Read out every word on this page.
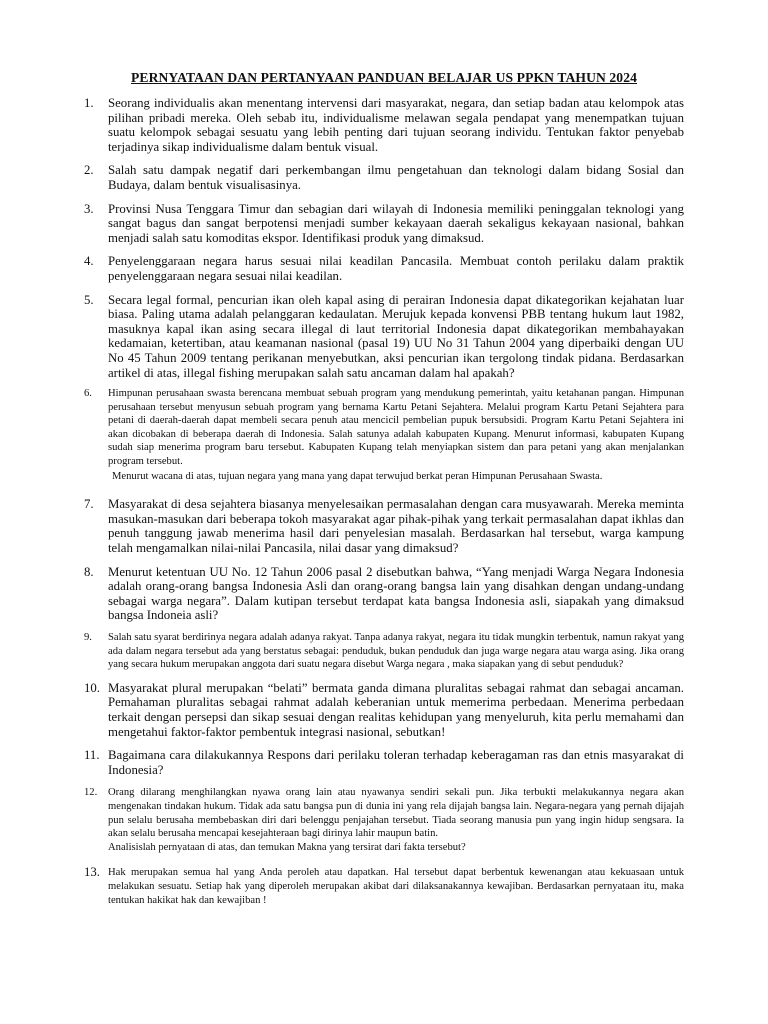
PERNYATAAN DAN PERTANYAAN PANDUAN BELAJAR US PPKN TAHUN 2024
1.	Seorang individualis akan menentang intervensi dari masyarakat, negara, dan setiap badan atau kelompok atas pilihan pribadi mereka. Oleh sebab itu, individualisme melawan segala pendapat yang menempatkan tujuan suatu kelompok sebagai sesuatu yang lebih penting dari tujuan seorang individu. Tentukan faktor penyebab terjadinya sikap individualisme dalam bentuk visual.
2.	Salah satu dampak negatif dari perkembangan ilmu pengetahuan dan teknologi dalam bidang Sosial dan Budaya, dalam bentuk visualisasinya.
3.	Provinsi Nusa Tenggara Timur dan sebagian dari wilayah di Indonesia memiliki peninggalan teknologi yang sangat bagus dan sangat berpotensi menjadi sumber kekayaan daerah sekaligus kekayaan nasional, bahkan menjadi salah satu komoditas ekspor. Identifikasi produk yang dimaksud.
4.	Penyelenggaraan negara harus sesuai nilai keadilan Pancasila. Membuat contoh perilaku dalam praktik penyelenggaraan negara sesuai nilai keadilan.
5.	Secara legal formal, pencurian ikan oleh kapal asing di perairan Indonesia dapat dikategorikan kejahatan luar biasa. Paling utama adalah pelanggaran kedaulatan. Merujuk kepada konvensi PBB tentang hukum laut 1982, masuknya kapal ikan asing secara illegal di laut territorial Indonesia dapat dikategorikan membahayakan kedamaian, ketertiban, atau keamanan nasional (pasal 19) UU No 31 Tahun 2004 yang diperbaiki dengan UU No 45 Tahun 2009 tentang perikanan menyebutkan, aksi pencurian ikan tergolong tindak pidana. Berdasarkan artikel di atas, illegal fishing merupakan salah satu ancaman dalam hal apakah?
6.	Himpunan perusahaan swasta berencana membuat sebuah program yang mendukung pemerintah, yaitu ketahanan pangan. Himpunan perusahaan tersebut menyusun sebuah program yang bernama Kartu Petani Sejahtera. Melalui program Kartu Petani Sejahtera para petani di daerah-daerah dapat membeli secara penuh atau mencicil pembelian pupuk bersubsidi. Program Kartu Petani Sejahtera ini akan dicobakan di beberapa daerah di Indonesia. Salah satunya adalah kabupaten Kupang. Menurut informasi, kabupaten Kupang sudah siap menerima program baru tersebut. Kabupaten Kupang telah menyiapkan sistem dan para petani yang akan menjalankan program tersebut.
Menurut wacana di atas, tujuan negara yang mana yang dapat terwujud berkat peran Himpunan Perusahaan Swasta.
7.	Masyarakat di desa sejahtera biasanya menyelesaikan permasalahan dengan cara musyawarah. Mereka meminta masukan-masukan dari beberapa tokoh masyarakat agar pihak-pihak yang terkait permasalahan dapat ikhlas dan penuh tanggung jawab menerima hasil dari penyelesian masalah. Berdasarkan hal tersebut, warga kampung telah mengamalkan nilai-nilai Pancasila, nilai dasar yang dimaksud?
8.	Menurut ketentuan UU No. 12 Tahun 2006 pasal 2 disebutkan bahwa, “Yang menjadi Warga Negara Indonesia adalah orang-orang bangsa Indonesia Asli dan orang-orang bangsa lain yang disahkan dengan undang-undang sebagai warga negara”. Dalam kutipan tersebut terdapat kata bangsa Indonesia asli, siapakah yang dimaksud bangsa Indoneia asli?
9.	Salah satu syarat berdirinya negara adalah adanya rakyat. Tanpa adanya rakyat, negara itu tidak mungkin terbentuk, namun rakyat yang ada dalam negara tersebut ada yang berstatus sebagai: penduduk, bukan penduduk dan juga warge negara atau warga asing. Jika orang yang secara hukum merupakan anggota dari suatu negara disebut Warga negara , maka siapakan yang di sebut penduduk?
10. Masyarakat plural merupakan “belati” bermata ganda dimana pluralitas sebagai rahmat dan sebagai ancaman. Pemahaman pluralitas sebagai rahmat adalah keberanian untuk memerima perbedaan. Menerima perbedaan terkait dengan persepsi dan sikap sesuai dengan realitas kehidupan yang menyeluruh, kita perlu memahami dan mengetahui faktor-faktor pembentuk integrasi nasional, sebutkan!
11. Bagaimana cara dilakukannya Respons dari perilaku toleran terhadap keberagaman ras dan etnis masyarakat di Indonesia?
12.	Orang dilarang menghilangkan nyawa orang lain atau nyawanya sendiri sekali pun. Jika terbukti melakukannya negara akan mengenakan tindakan hukum. Tidak ada satu bangsa pun di dunia ini yang rela dijajah bangsa lain. Negara-negara yang pernah dijajah pun selalu berusaha membebaskan diri dari belenggu penjajahan tersebut. Tiada seorang manusia pun yang ingin hidup sengsara. Ia akan selalu berusaha mencapai kesejahteraan bagi dirinya lahir maupun batin.

Analisislah pernyataan di atas, dan temukan Makna yang tersirat dari fakta tersebut?

13. Hak merupakan semua hal yang Anda peroleh atau dapatkan. Hal tersebut dapat berbentuk kewenangan atau kekuasaan untuk melakukan sesuatu. Setiap hak yang diperoleh merupakan akibat dari dilaksanakannya kewajiban. Berdasarkan pernyataan itu, maka tentukan hakikat hak dan kewajiban !
